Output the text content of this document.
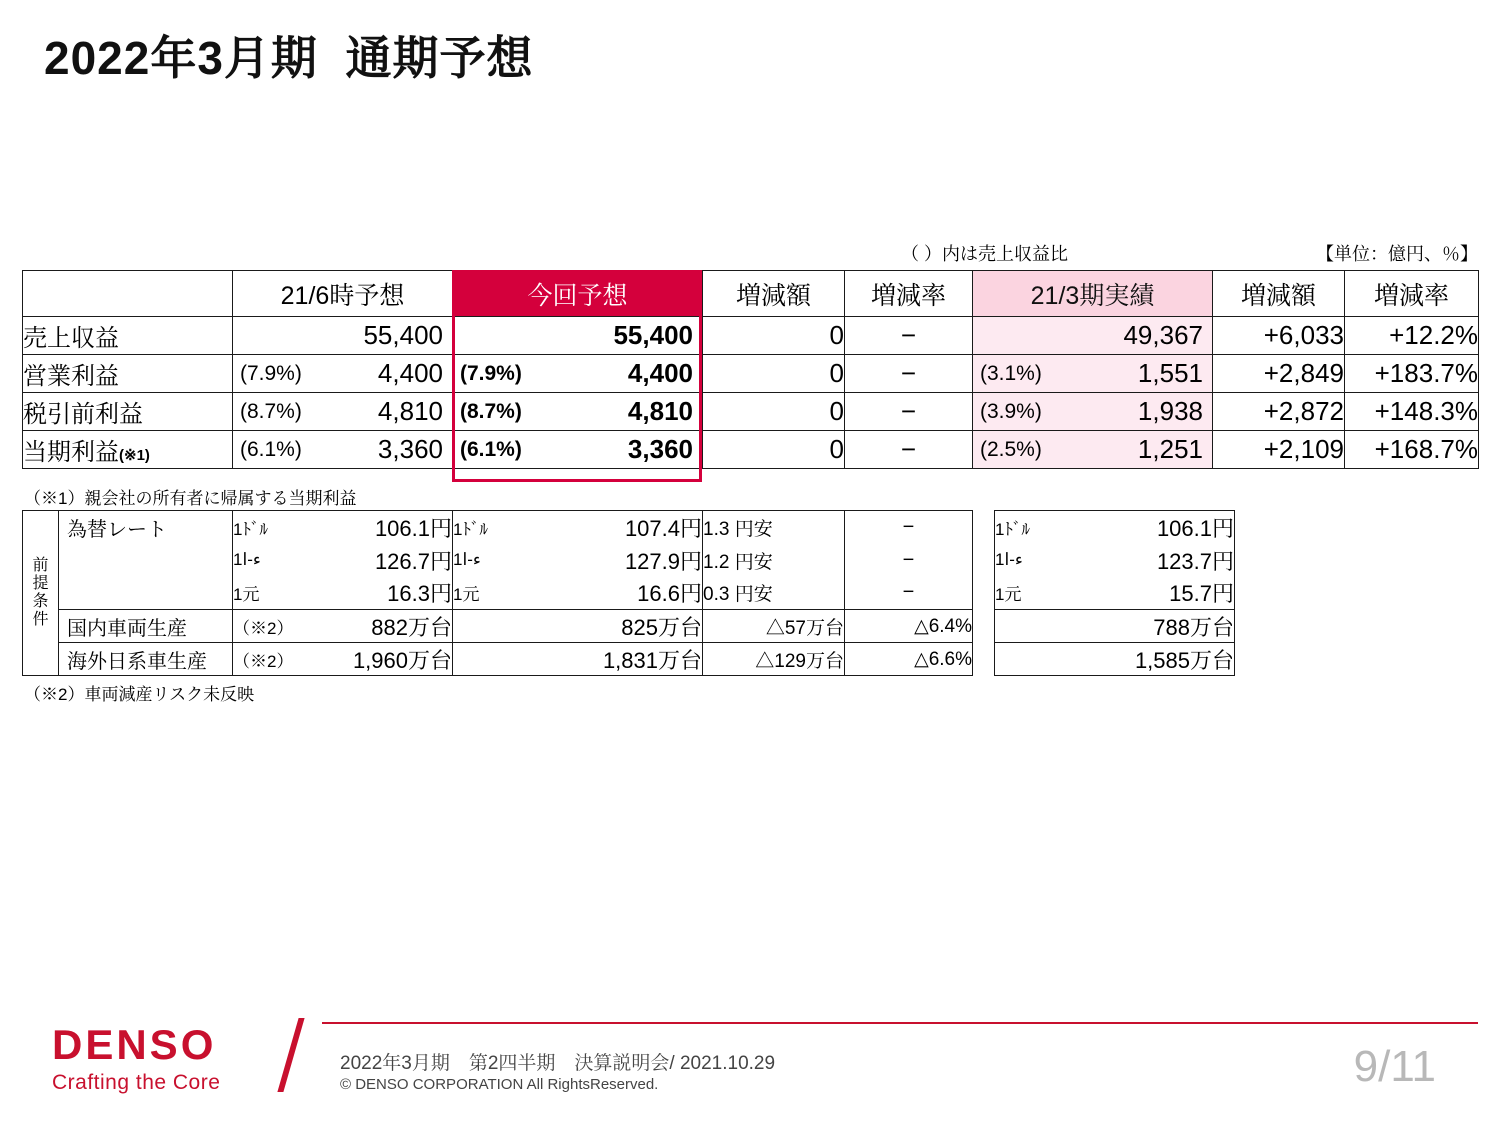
2022年3月期  通期予想
（ ）内は売上収益比	【単位：億円、％】
	21/6時予想	今回予想	増減額	増減率	21/3期実績	増減額	増減率
売上収益	55,400	55,400	0	−	49,367	+6,033	+12.2%
営業利益	(7.9%) 4,400	(7.9%) 4,400	0	−	(3.1%) 1,551	+2,849	+183.7%
税引前利益	(8.7%) 4,810	(8.7%) 4,810	0	−	(3.9%) 1,938	+2,872	+148.3%
当期利益(※1)	(6.1%) 3,360	(6.1%) 3,360	0	−	(2.5%) 1,251	+2,109	+168.7%
（※1）親会社の所有者に帰属する当期利益
前
提
条
件	為替レート	1ﾄﾞﾙ	106.1円	1ﾄﾞﾙ	107.4円	1.3 円安	−		1ﾄﾞﾙ	106.1円
		1ﺀ-ﺍ	126.7円	1ﺀ-ﺍ	127.9円	1.2 円安	−		1ﺀ-ﺍ	123.7円
		1元	16.3円	1元	16.6円	0.3 円安	−		1元	15.7円
	国内車両生産	（※2）	882万台		825万台	△57万台	△6.4%			788万台
	海外日系車生産	（※2）	1,960万台		1,831万台	△129万台	△6.6%			1,585万台
（※2）車両減産リスク未反映
DENSO
Crafting the Core
2022年3月期　第2四半期　決算説明会/ 2021.10.29
© DENSO CORPORATION All RightsReserved.	9/11
